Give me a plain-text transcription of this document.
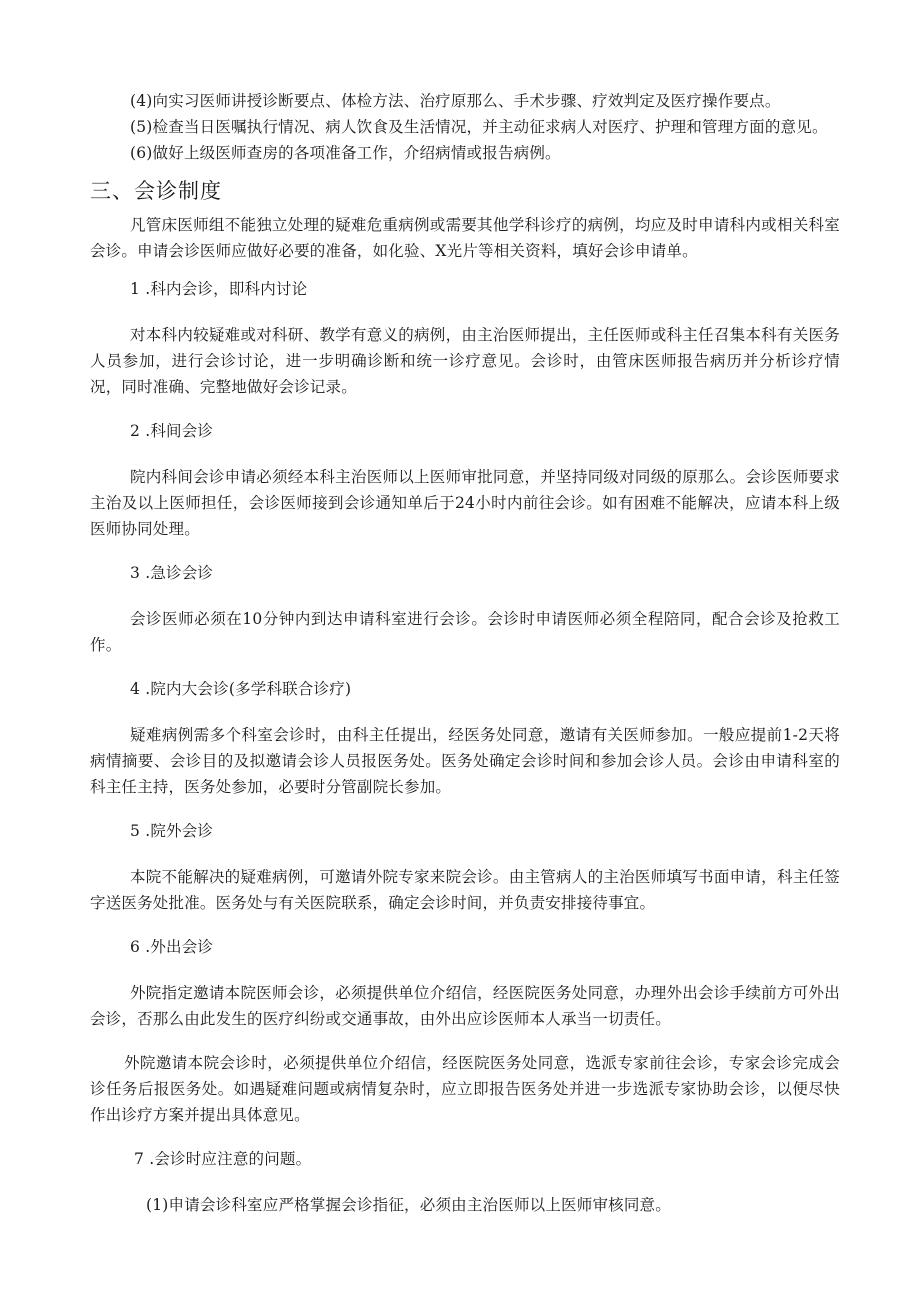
(4)向实习医师讲授诊断要点、体检方法、治疗原那么、手术步骤、疗效判定及医疗操作要点。

(5)检查当日医嘱执行情况、病人饮食及生活情况，并主动征求病人对医疗、护理和管理方面的意见。

(6)做好上级医师查房的各项准备工作，介绍病情或报告病例。

三、会诊制度

凡管床医师组不能独立处理的疑难危重病例或需要其他学科诊疗的病例，均应及时申请科内或相关科室会诊。申请会诊医师应做好必要的准备，如化验、X光片等相关资料，填好会诊申请单。

1 .科内会诊，即科内讨论

对本科内较疑难或对科研、教学有意义的病例，由主治医师提出，主任医师或科主任召集本科有关医务人员参加，进行会诊讨论，进一步明确诊断和统一诊疗意见。会诊时，由管床医师报告病历并分析诊疗情况，同时准确、完整地做好会诊记录。

2 .科间会诊

院内科间会诊申请必须经本科主治医师以上医师审批同意，并坚持同级对同级的原那么。会诊医师要求主治及以上医师担任，会诊医师接到会诊通知单后于24小时内前往会诊。如有困难不能解决，应请本科上级医师协同处理。

3 .急诊会诊

会诊医师必须在10分钟内到达申请科室进行会诊。会诊时申请医师必须全程陪同，配合会诊及抢救工作。

4 .院内大会诊(多学科联合诊疗)

疑难病例需多个科室会诊时，由科主任提出，经医务处同意，邀请有关医师参加。一般应提前1-2天将病情摘要、会诊目的及拟邀请会诊人员报医务处。医务处确定会诊时间和参加会诊人员。会诊由申请科室的科主任主持，医务处参加，必要时分管副院长参加。

5 .院外会诊

本院不能解决的疑难病例，可邀请外院专家来院会诊。由主管病人的主治医师填写书面申请，科主任签字送医务处批准。医务处与有关医院联系，确定会诊时间，并负责安排接待事宜。

6 .外出会诊

外院指定邀请本院医师会诊，必须提供单位介绍信，经医院医务处同意，办理外出会诊手续前方可外出会诊，否那么由此发生的医疗纠纷或交通事故，由外出应诊医师本人承当一切责任。

外院邀请本院会诊时，必须提供单位介绍信，经医院医务处同意，选派专家前往会诊，专家会诊完成会诊任务后报医务处。如遇疑难问题或病情复杂时，应立即报告医务处并进一步选派专家协助会诊，以便尽快作出诊疗方案并提出具体意见。

7 .会诊时应注意的问题。

(1)申请会诊科室应严格掌握会诊指征，必须由主治医师以上医师审核同意。
